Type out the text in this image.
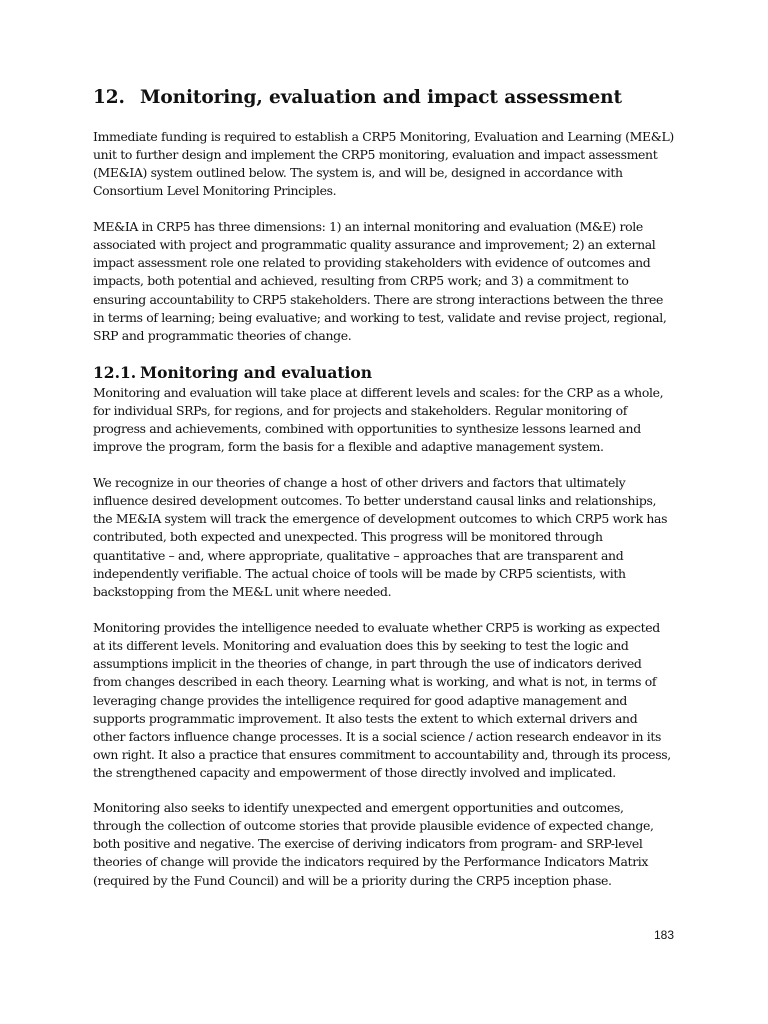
12. Monitoring, evaluation and impact assessment
Immediate funding is required to establish a CRP5 Monitoring, Evaluation and Learning (ME&L)
unit to further design and implement the CRP5 monitoring, evaluation and impact assessment
(ME&IA) system outlined below. The system is, and will be, designed in accordance with
Consortium Level Monitoring Principles.
ME&IA in CRP5 has three dimensions: 1) an internal monitoring and evaluation (M&E) role
associated with project and programmatic quality assurance and improvement; 2) an external
impact assessment role one related to providing stakeholders with evidence of outcomes and
impacts, both potential and achieved, resulting from CRP5 work; and 3) a commitment to
ensuring accountability to CRP5 stakeholders. There are strong interactions between the three
in terms of learning; being evaluative; and working to test, validate and revise project, regional,
SRP and programmatic theories of change.
12.1. Monitoring and evaluation
Monitoring and evaluation will take place at different levels and scales: for the CRP as a whole,
for individual SRPs, for regions, and for projects and stakeholders. Regular monitoring of
progress and achievements, combined with opportunities to synthesize lessons learned and
improve the program, form the basis for a flexible and adaptive management system.
We recognize in our theories of change a host of other drivers and factors that ultimately
influence desired development outcomes. To better understand causal links and relationships,
the ME&IA system will track the emergence of development outcomes to which CRP5 work has
contributed, both expected and unexpected. This progress will be monitored through
quantitative – and, where appropriate, qualitative – approaches that are transparent and
independently verifiable. The actual choice of tools will be made by CRP5 scientists, with
backstopping from the ME&L unit where needed.
Monitoring provides the intelligence needed to evaluate whether CRP5 is working as expected
at its different levels. Monitoring and evaluation does this by seeking to test the logic and
assumptions implicit in the theories of change, in part through the use of indicators derived
from changes described in each theory. Learning what is working, and what is not, in terms of
leveraging change provides the intelligence required for good adaptive management and
supports programmatic improvement. It also tests the extent to which external drivers and
other factors influence change processes. It is a social science / action research endeavor in its
own right. It also a practice that ensures commitment to accountability and, through its process,
the strengthened capacity and empowerment of those directly involved and implicated.
Monitoring also seeks to identify unexpected and emergent opportunities and outcomes,
through the collection of outcome stories that provide plausible evidence of expected change,
both positive and negative. The exercise of deriving indicators from program- and SRP-level
theories of change will provide the indicators required by the Performance Indicators Matrix
(required by the Fund Council) and will be a priority during the CRP5 inception phase.
183
